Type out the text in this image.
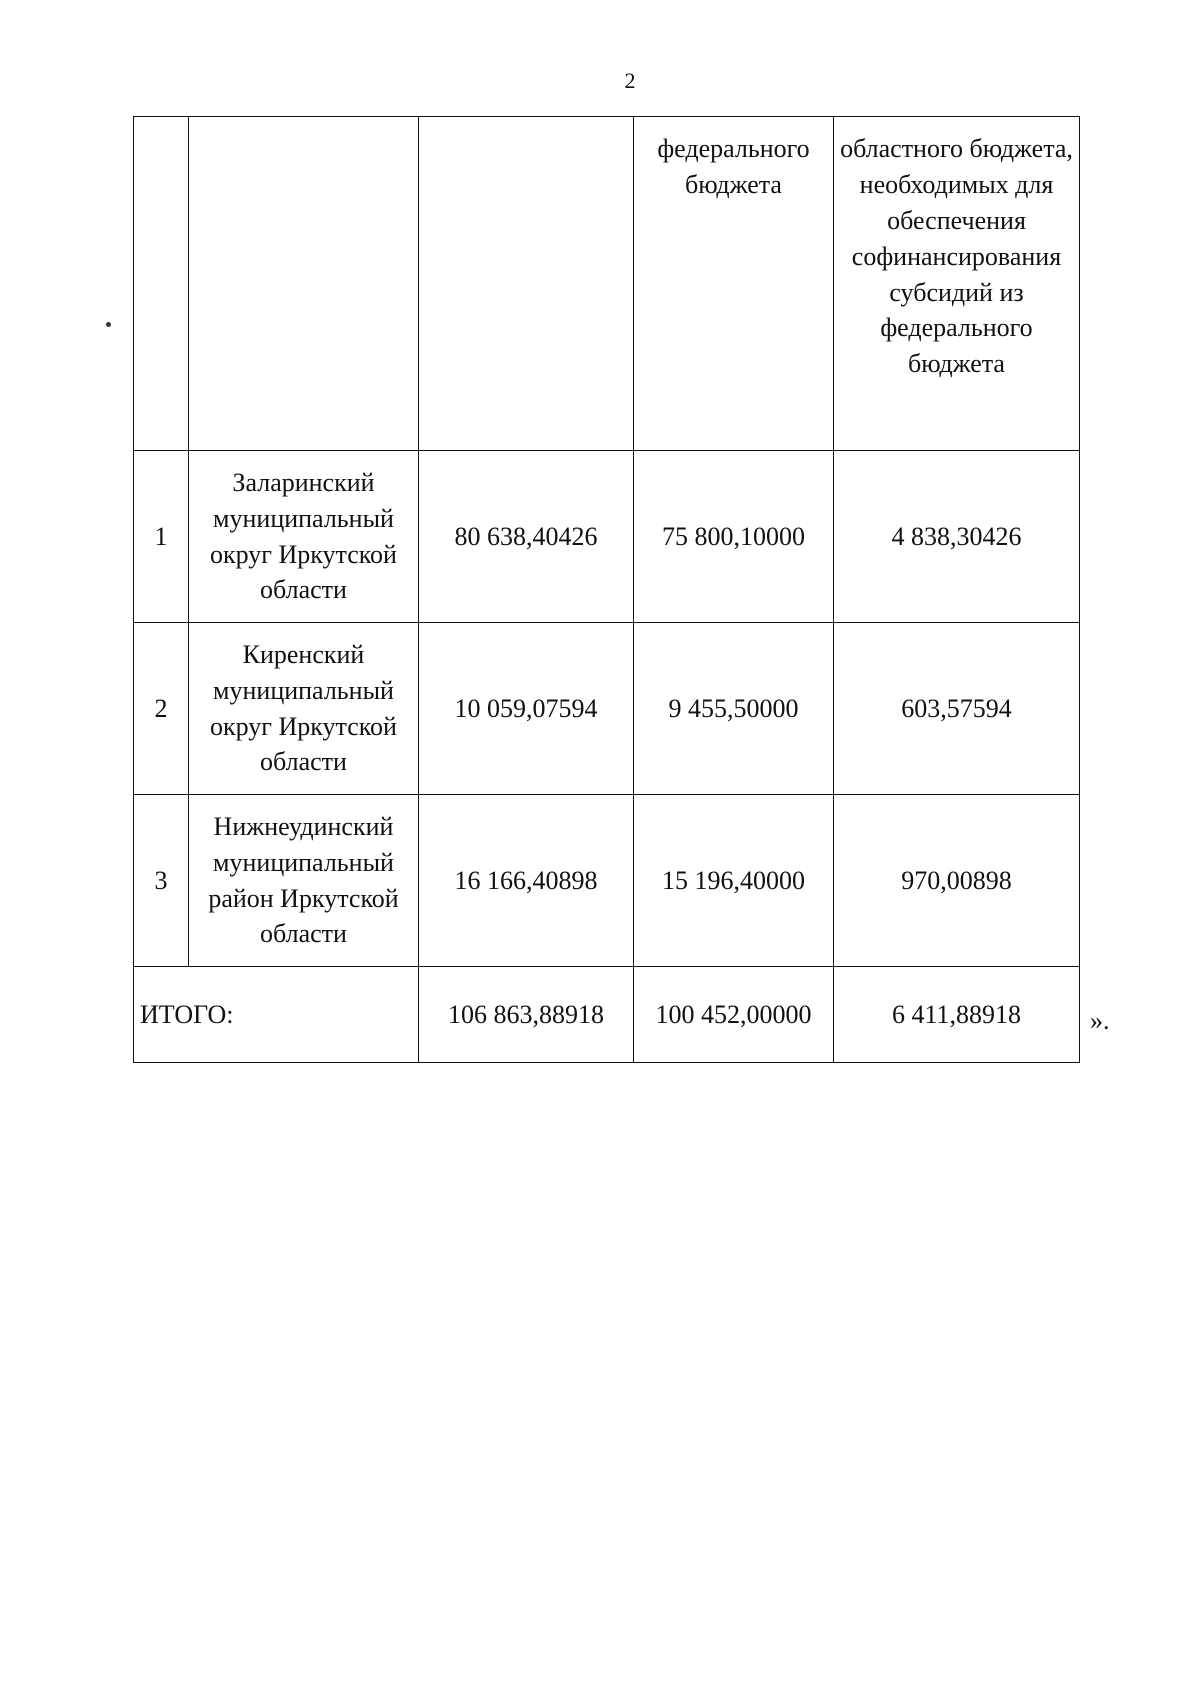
2
			федерального бюджета	областного бюджета, необходимых для обеспечения софинансирования субсидий из федерального бюджета
1	Заларинский муниципальный округ Иркутской области	80 638,40426	75 800,10000	4 838,30426
2	Киренский муниципальный округ Иркутской области	10 059,07594	9 455,50000	603,57594
3	Нижнеудинский муниципальный район Иркутской области	16 166,40898	15 196,40000	970,00898
ИТОГО:		106 863,88918	100 452,00000	6 411,88918	».
